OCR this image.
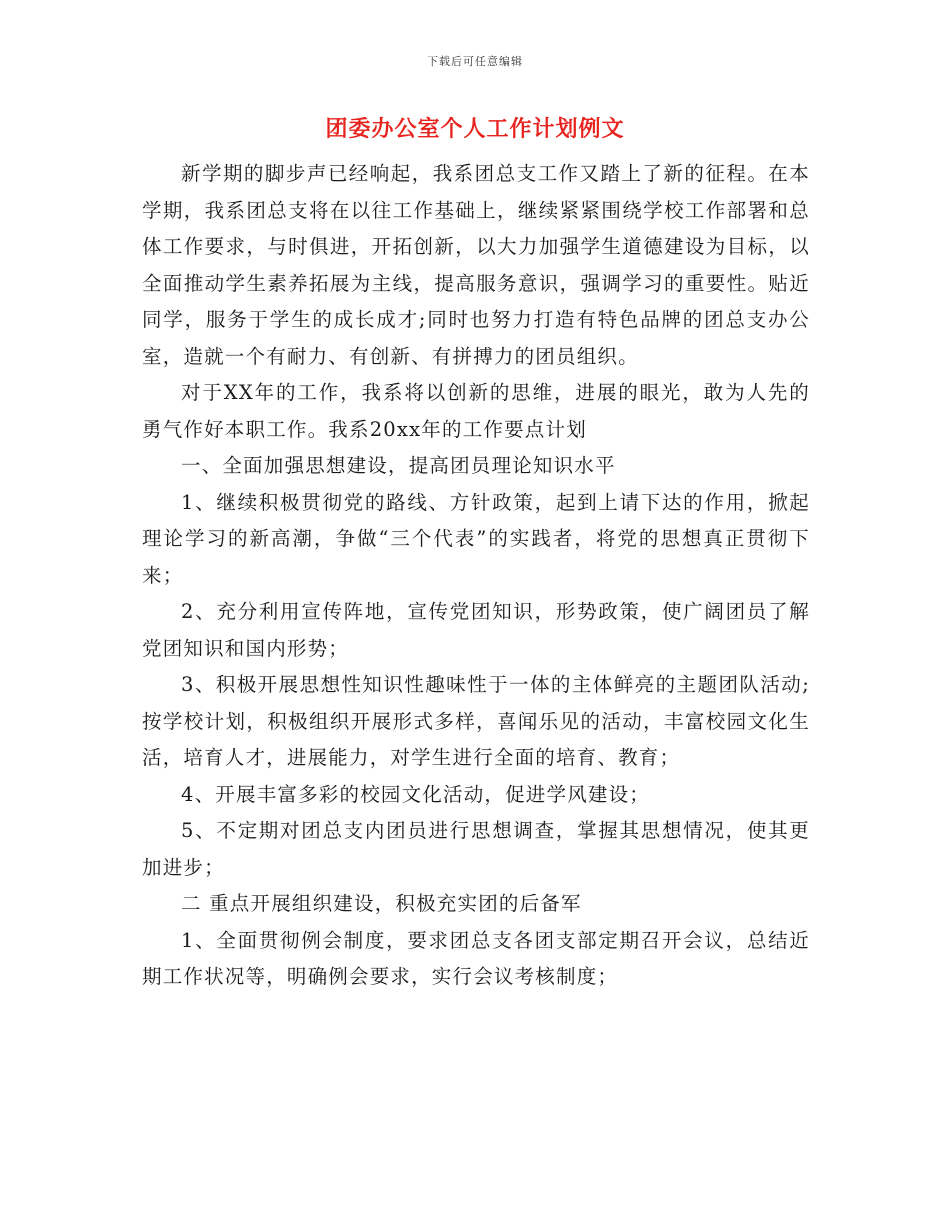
下载后可任意编辑
团委办公室个人工作计划例文

新学期的脚步声已经响起，我系团总支工作又踏上了新的征程。在本学期，我系团总支将在以往工作基础上，继续紧紧围绕学校工作部署和总体工作要求，与时俱进，开拓创新，以大力加强学生道德建设为目标，以全面推动学生素养拓展为主线，提高服务意识，强调学习的重要性。贴近同学，服务于学生的成长成才;同时也努力打造有特色品牌的团总支办公室，造就一个有耐力、有创新、有拼搏力的团员组织。

对于XX年的工作，我系将以创新的思维，进展的眼光，敢为人先的勇气作好本职工作。我系20xx年的工作要点计划

一、全面加强思想建设，提高团员理论知识水平

1、继续积极贯彻党的路线、方针政策，起到上请下达的作用，掀起理论学习的新高潮，争做“三个代表”的实践者，将党的思想真正贯彻下来；

2、充分利用宣传阵地，宣传党团知识，形势政策，使广阔团员了解党团知识和国内形势；

3、积极开展思想性知识性趣味性于一体的主体鲜亮的主题团队活动;按学校计划，积极组织开展形式多样，喜闻乐见的活动，丰富校园文化生活，培育人才，进展能力，对学生进行全面的培育、教育；

4、开展丰富多彩的校园文化活动，促进学风建设；

5、不定期对团总支内团员进行思想调查，掌握其思想情况，使其更加进步；

二 重点开展组织建设，积极充实团的后备军

1、全面贯彻例会制度，要求团总支各团支部定期召开会议，总结近期工作状况等，明确例会要求，实行会议考核制度；
